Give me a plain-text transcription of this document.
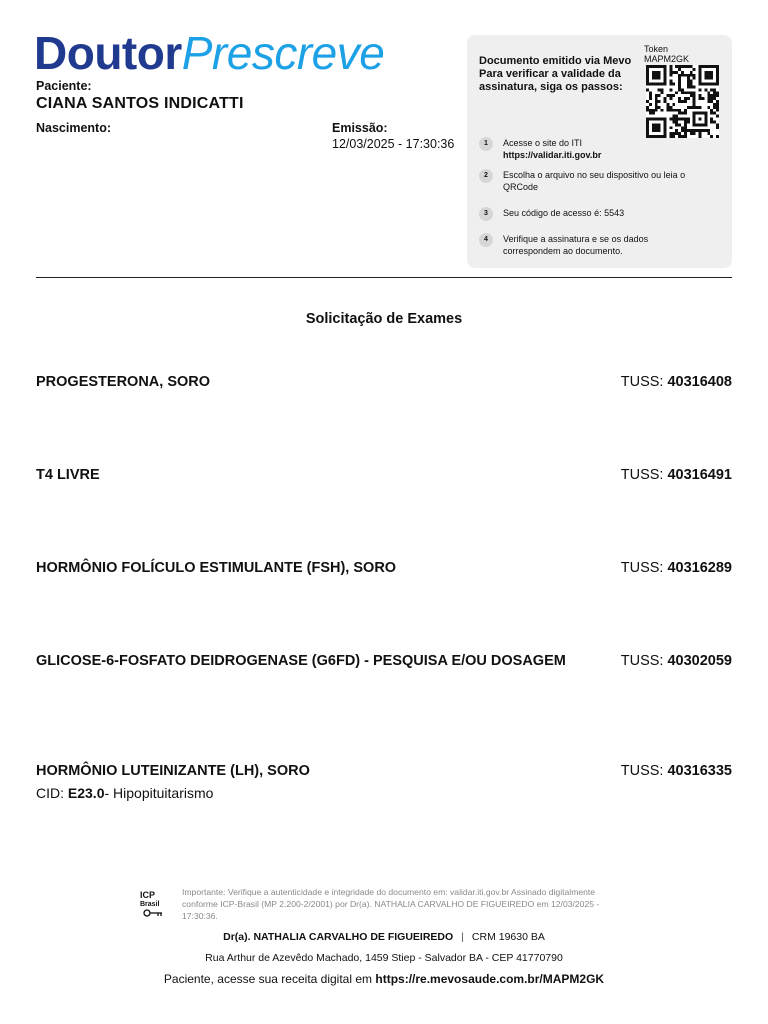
DoutorPrescreve
Paciente:
CIANA SANTOS INDICATTI
Nascimento:	Emissão:
12/03/2025 - 17:30:36
Documento emitido via Mevo Para verificar a validade da assinatura, siga os passos:
Token
MAPM2GK
1	Acesse o site do ITI
https://validar.iti.gov.br
2	Escolha o arquivo no seu dispositivo ou leia o QRCode
3	Seu código de acesso é: 5543
4	Verifique a assinatura e se os dados correspondem ao documento.
Solicitação de Exames
PROGESTERONA, SORO	TUSS: 40316408
T4 LIVRE	TUSS: 40316491
HORMÔNIO FOLÍCULO ESTIMULANTE (FSH), SORO	TUSS: 40316289
GLICOSE-6-FOSFATO DEIDROGENASE (G6FD) - PESQUISA E/OU DOSAGEM	TUSS: 40302059
HORMÔNIO LUTEINIZANTE (LH), SORO	TUSS: 40316335
CID: E23.0- Hipopituitarismo
ICP
Brasil
Importante: Verifique a autenticidade e integridade do documento em: validar.iti.gov.br Assinado digitalmente conforme ICP-Brasil (MP 2.200-2/2001) por Dr(a). NATHALIA CARVALHO DE FIGUEIREDO em 12/03/2025 - 17:30:36.
Dr(a). NATHALIA CARVALHO DE FIGUEIREDO | CRM 19630 BA
Rua Arthur de Azevêdo Machado, 1459 Stiep - Salvador BA - CEP 41770790
Paciente, acesse sua receita digital em https://re.mevosaude.com.br/MAPM2GK
